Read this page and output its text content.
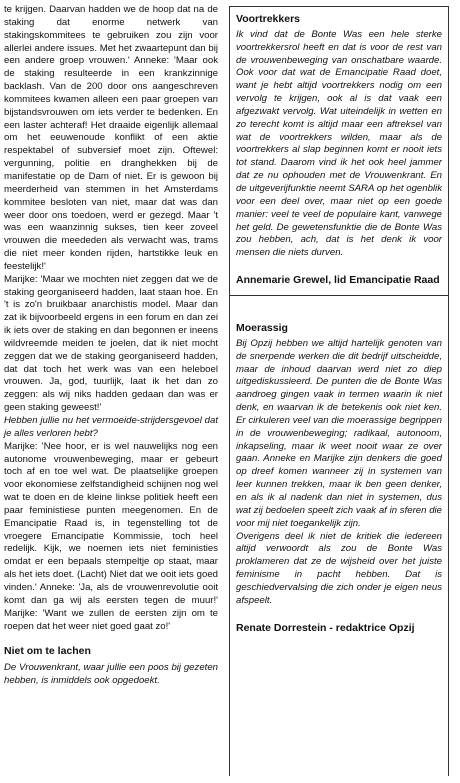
te krijgen. Daarvan hadden we de hoop dat na de staking dat enorme netwerk van stakingskommitees te gebruiken zou zijn voor allerlei andere issues. Met het zwaartepunt dan bij een andere groep vrouwen.' Anneke: 'Maar ook de staking resulteerde in een krankzinnige backlash. Van de 200 door ons aangeschreven kommitees kwamen alleen een paar groepen van bijstandsvrouwen om iets verder te bedenken. En een laster achteraf! Het draaide eigenlijk allemaal om het eeuwenoude konflikt of een aktie respektabel of subversief moet zijn. Oftewel: vergunning, politie en dranghekken bij de manifestatie op de Dam of niet. Er is gewoon bij meerderheid van stemmen in het Amsterdams kommitee besloten van niet, maar dat was dan weer door ons toedoen, werd er gezegd. Maar 't was een waanzinnig sukses, tien keer zoveel vrouwen die meededen als verwacht was, trams die niet meer konden rijden, hartstikke leuk en feestelijk!'

Marijke: 'Maar we mochten niet zeggen dat we de staking georganiseerd hadden, laat staan hoe. En 't is zo'n bruikbaar anarchistis model. Maar dan zat ik bijvoorbeeld ergens in een forum en dan zei ik iets over de staking en dan begonnen er ineens wildvreemde meiden te joelen, dat ik niet mocht zeggen dat we de staking georganiseerd hadden, dat dat toch het werk was van een heleboel vrouwen. Ja, god, tuurlijk, laat ik het dan zo zeggen: als wij niks hadden gedaan dan was er geen staking geweest!'

Hebben jullie nu het vermoeide-strijdersgevoel dat je alles verloren hebt?

Marijke: 'Nee hoor, er is wel nauwelijks nog een autonome vrouwenbeweging, maar er gebeurt toch af en toe wel wat. De plaatselijke groepen voor ekonomiese zelfstandigheid schijnen nog wel wat te doen en de kleine linkse politiek heeft een paar feministiese punten meegenomen. En de Emancipatie Raad is, in tegenstelling tot de vroegere Emancipatie Kommissie, toch heel redelijk. Kijk, we noemen iets niet feministies omdat er een bepaals stempeltje op staat, maar als het iets doet. (Lacht) Niet dat we ooit iets goed vinden.' Anneke: 'Ja, als de vrouwenrevolutie ooit komt dan ga wij als eersten tegen de muur!' Marijke: 'Want we zullen de eersten zijn om te roepen dat het weer niet goed gaat zo!'

Niet om te lachen

De Vrouwenkrant, waar jullie een poos bij gezeten hebben, is inmiddels ook opgedoekt.

Voortrekkers

Ik vind dat de Bonte Was een hele sterke voortrekkersrol heeft en dat is voor de rest van de vrouwenbeweging van onschatbare waarde. Ook voor dat wat de Emancipatie Raad doet, want je hebt altijd voortrekkers nodig om een vervolg te krijgen, ook al is dat vaak een afgezwakt vervolg. Wat uiteindelijk in wetten en zo terecht komt is altijd maar een aftreksel van wat de voortrekkers wilden, maar als de voortrekkers al slap beginnen komt er nooit iets tot stand. Daarom vind ik het ook heel jammer dat ze nu ophouden met de Vrouwenkrant. En de uitgeverijfunktie neemt SARA op het ogenblik voor een deel over, maar niet op een goede manier: veel te veel de populaire kant, vanwege het geld. De gewetensfunktie die de Bonte Was zou hebben, ach, dat is het denk ik voor mensen die niets durven.

Annemarie Grewel, lid Emancipatie Raad
Moerassig

Bij Opzij hebben we altijd hartelijk genoten van de snerpende werken die dit bedrijf uitscheidde, maar de inhoud daarvan werd niet zo diep uitgediskussieerd. De punten die de Bonte Was aandroeg gingen vaak in termen waarin ik niet denk, en waarvan ik de betekenis ook niet ken. Er cirkuleren veel van die moerassige begrippen in de vrouwenbeweging; radikaal, autonoom, inkapseling, maar ik weet nooit waar ze over gaan. Anneke en Marijke zijn denkers die goed op dreef komen wanneer zij in systemen van leer kunnen trekken, maar ik ben geen denker, en als ik al nadenk dan niet in systemen, dus wat zij bedoelen speelt zich vaak af in sferen die voor mij niet toegankelijk zijn.

Overigens deel ik niet de kritiek die iedereen altijd verwoordt als zou de Bonte Was proklameren dat ze de wijsheid over het juiste feminisme in pacht hebben. Dat is geschiedvervalsing die zich onder je eigen neus afspeelt.

Renate Dorrestein - redaktrice Opzij
